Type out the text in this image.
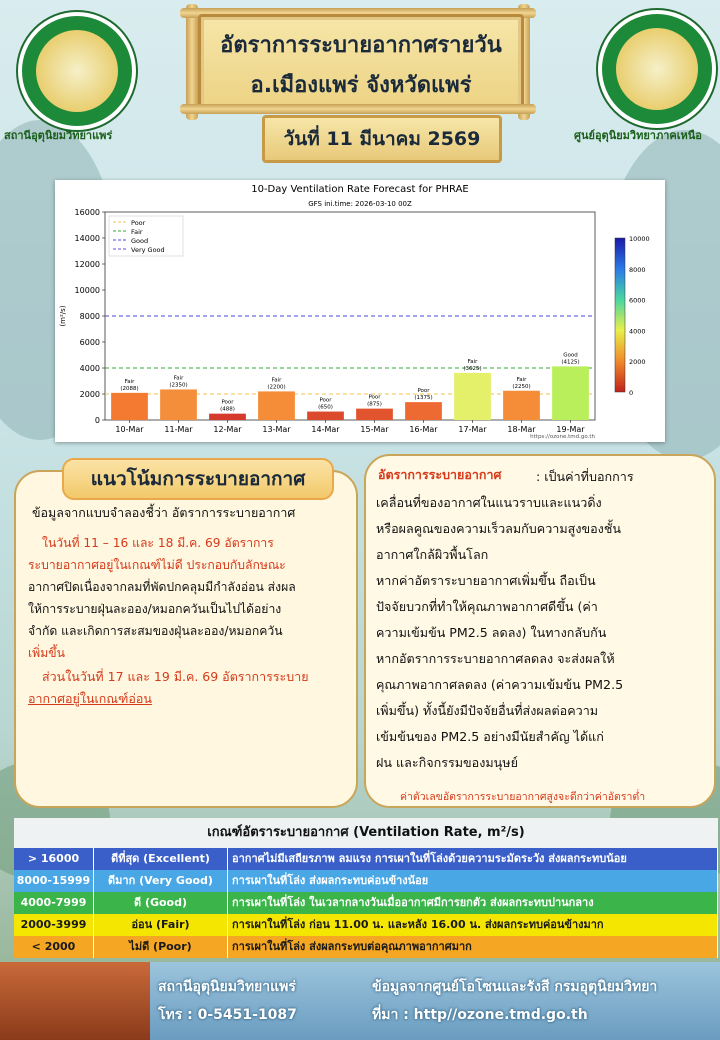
สถานีอุตุนิยมวิทยาแพร่	ศูนย์อุตุนิยมวิทยาภาคเหนือ
อัตราการระบายอากาศรายวัน
อ.เมืองแพร่ จังหวัดแพร่
วันที่ 11 มีนาคม 2569
10-Day Ventilation Rate Forecast for PHRAE
GFS ini.time: 2026-03-10 00Z
0
2000
4000
6000
8000
10000
12000
14000
16000
(m²/s)
Fair
(2088)
10-Mar
Fair
(2350)
11-Mar
Poor
(488)
12-Mar
Fair
(2200)
13-Mar
Poor
(650)
14-Mar
Poor
(875)
15-Mar
Poor
(1375)
16-Mar
Fair
(3625)
17-Mar
Fair
(2250)
18-Mar
Good
(4125)
19-Mar
Poor
Fair
Good
Very Good
10000
8000
6000
4000
2000
0
https://ozone.tmd.go.th
แนวโน้มการระบายอากาศ
ข้อมูลจากแบบจำลองชี้ว่า อัตราการระบายอากาศ
ในวันที่ 11 – 16 และ 18 มี.ค. 69 อัตราการ
ระบายอากาศอยู่ในเกณฑ์ไม่ดี ประกอบกับลักษณะ
อากาศปิดเนื่องจากลมที่พัดปกคลุมมีกำลังอ่อน ส่งผล
ให้การระบายฝุ่นละออง/หมอกควันเป็นไปได้อย่าง
จำกัด และเกิดการสะสมของฝุ่นละออง/หมอกควัน
เพิ่มขึ้น
ส่วนในวันที่ 17 และ 19 มี.ค. 69 อัตราการระบาย
อากาศอยู่ในเกณฑ์อ่อน
อัตราการระบายอากาศ	: เป็นค่าที่บอกการ
เคลื่อนที่ของอากาศในแนวราบและแนวดิ่ง
หรือผลคูณของความเร็วลมกับความสูงของชั้น
อากาศใกล้ผิวพื้นโลก
หากค่าอัตราระบายอากาศเพิ่มขึ้น ถือเป็น
ปัจจัยบวกที่ทำให้คุณภาพอากาศดีขึ้น (ค่า
ความเข้มข้น PM2.5 ลดลง) ในทางกลับกัน
หากอัตราการระบายอากาศลดลง จะส่งผลให้
คุณภาพอากาศลดลง (ค่าความเข้มข้น PM2.5
เพิ่มขึ้น) ทั้งนี้ยังมีปัจจัยอื่นที่ส่งผลต่อความ
เข้มข้นของ PM2.5 อย่างมีนัยสำคัญ ได้แก่
ฝน และกิจกรรมของมนุษย์
ค่าตัวเลขอัตราการระบายอากาศสูงจะดีกว่าค่าอัตราต่ำ
เกณฑ์อัตราระบายอากาศ (Ventilation Rate, m²/s)
> 16000	ดีที่สุด (Excellent)	อากาศไม่มีเสถียรภาพ ลมแรง การเผาในที่โล่งด้วยความระมัดระวัง ส่งผลกระทบน้อย
8000-15999	ดีมาก (Very Good)	การเผาในที่โล่ง ส่งผลกระทบค่อนข้างน้อย
4000-7999	ดี (Good)	การเผาในที่โล่ง ในเวลากลางวันเมื่ออากาศมีการยกตัว ส่งผลกระทบปานกลาง
2000-3999	อ่อน (Fair)	การเผาในที่โล่ง ก่อน 11.00 น. และหลัง 16.00 น. ส่งผลกระทบค่อนข้างมาก
< 2000	ไม่ดี (Poor)	การเผาในที่โล่ง ส่งผลกระทบต่อคุณภาพอากาศมาก
สถานีอุตุนิยมวิทยาแพร่
โทร : 0-5451-1087
ข้อมูลจากศูนย์โอโซนและรังสี กรมอุตุนิยมวิทยา
ที่มา : http//ozone.tmd.go.th
